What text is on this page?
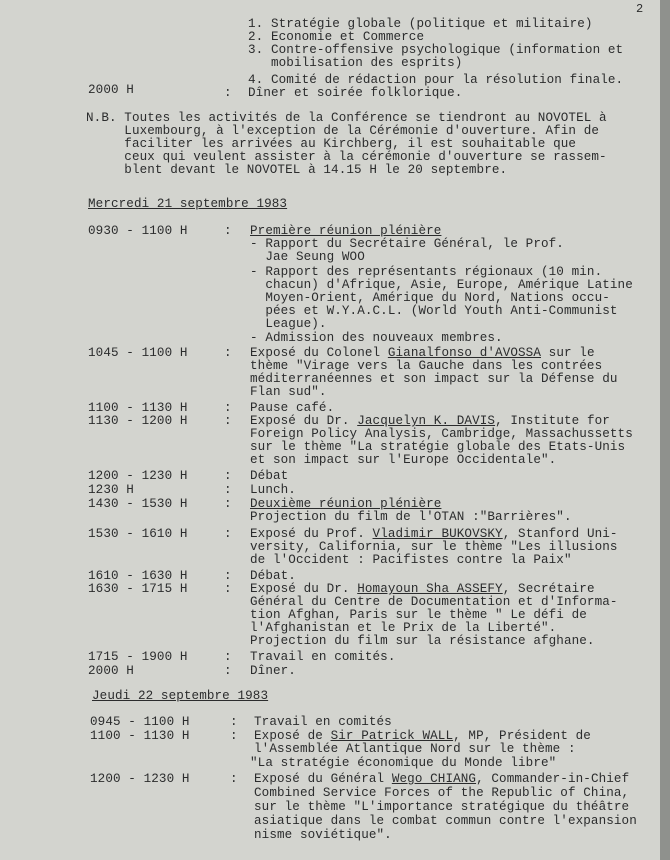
2
1. Stratégie globale (politique et militaire)
2. Economie et Commerce
3. Contre-offensive psychologique (information et
mobilisation des esprits)
4. Comité de rédaction pour la résolution finale.
2000 H	: Dîner et soirée folklorique.
N.B. Toutes les activités de la Conférence se tiendront au NOVOTEL à
Luxembourg, à l'exception de la Cérémonie d'ouverture. Afin de
faciliter les arrivées au Kirchberg, il est souhaitable que
ceux qui veulent assister à la cérémonie d'ouverture se rassem-
blent devant le NOVOTEL à 14.15 H le 20 septembre.
Mercredi 21 septembre 1983
0930 - 1100 H	: Première réunion plénière
- Rapport du Secrétaire Général, le Prof.
Jae Seung WOO
- Rapport des représentants régionaux (10 min.
chacun) d'Afrique, Asie, Europe, Amérique Latine
Moyen-Orient, Amérique du Nord, Nations occu-
pées et W.Y.A.C.L. (World Youth Anti-Communist
League).
- Admission des nouveaux membres.
1045 - 1100 H	: Exposé du Colonel Gianalfonso d'AVOSSA sur le
thème "Virage vers la Gauche dans les contrées
méditerranéennes et son impact sur la Défense du
Flan sud".
1100 - 1130 H	: Pause café.
1130 - 1200 H	: Exposé du Dr. Jacquelyn K. DAVIS, Institute for
Foreign Policy Analysis, Cambridge, Massachussetts
sur le thème "La stratégie globale des Etats-Unis
et son impact sur l'Europe Occidentale".
1200 - 1230 H	: Débat
1230 H	: Lunch.
1430 - 1530 H	: Deuxième réunion plénière
Projection du film de l'OTAN :"Barrières".
1530 - 1610 H	: Exposé du Prof. Vladimir BUKOVSKY, Stanford Uni-
versity, California, sur le thème "Les illusions
de l'Occident : Pacifistes contre la Paix"
1610 - 1630 H	: Débat.
1630 - 1715 H	: Exposé du Dr. Homayoun Sha ASSEFY, Secrétaire
Général du Centre de Documentation et d'Informa-
tion Afghan, Paris sur le thème " Le défi de
l'Afghanistan et le Prix de la Liberté".
Projection du film sur la résistance afghane.
1715 - 1900 H	: Travail en comités.
2000 H	: Dîner.
Jeudi 22 septembre 1983
0945 - 1100 H	: Travail en comités
1100 - 1130 H	: Exposé de Sir Patrick WALL, MP, Président de
l'Assemblée Atlantique Nord sur le thème :
"La stratégie économique du Monde libre"
1200 - 1230 H	: Exposé du Général Wego CHIANG, Commander-in-Chief
Combined Service Forces of the Republic of China,
sur le thème "L'importance stratégique du théâtre
asiatique dans le combat commun contre l'expansion
nisme soviétique".
